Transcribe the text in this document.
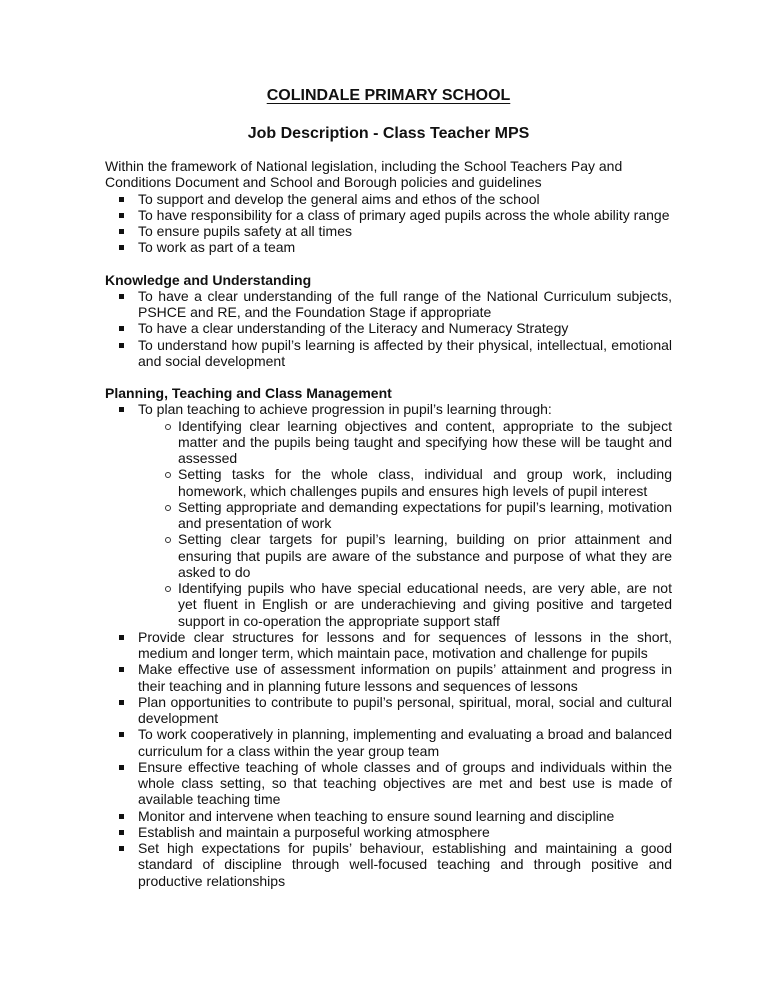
COLINDALE PRIMARY SCHOOL
Job Description - Class Teacher MPS

Within the framework of National legislation, including the School Teachers Pay and Conditions Document and School and Borough policies and guidelines

To support and develop the general aims and ethos of the school
To have responsibility for a class of primary aged pupils across the whole ability range
To ensure pupils safety at all times
To work as part of a team

Knowledge and Understanding

To have a clear understanding of the full range of the National Curriculum subjects, PSHCE and RE, and the Foundation Stage if appropriate
To have a clear understanding of the Literacy and Numeracy Strategy
To understand how pupil’s learning is affected by their physical, intellectual, emotional and social development

Planning, Teaching and Class Management

To plan teaching to achieve progression in pupil’s learning through:
Identifying clear learning objectives and content, appropriate to the subject matter and the pupils being taught and specifying how these will be taught and assessed
Setting tasks for the whole class, individual and group work, including homework, which challenges pupils and ensures high levels of pupil interest
Setting appropriate and demanding expectations for pupil’s learning, motivation and presentation of work
Setting clear targets for pupil’s learning, building on prior attainment and ensuring that pupils are aware of the substance and purpose of what they are asked to do
Identifying pupils who have special educational needs, are very able, are not yet fluent in English or are underachieving and giving positive and targeted support in co-operation the appropriate support staff
Provide clear structures for lessons and for sequences of lessons in the short, medium and longer term, which maintain pace, motivation and challenge for pupils
Make effective use of assessment information on pupils’ attainment and progress in their teaching and in planning future lessons and sequences of lessons
Plan opportunities to contribute to pupil’s personal, spiritual, moral, social and cultural development
To work cooperatively in planning, implementing and evaluating a broad and balanced curriculum for a class within the year group team
Ensure effective teaching of whole classes and of groups and individuals within the whole class setting, so that teaching objectives are met and best use is made of available teaching time
Monitor and intervene when teaching to ensure sound learning and discipline
Establish and maintain a purposeful working atmosphere
Set high expectations for pupils’ behaviour, establishing and maintaining a good standard of discipline through well-focused teaching and through positive and productive relationships
